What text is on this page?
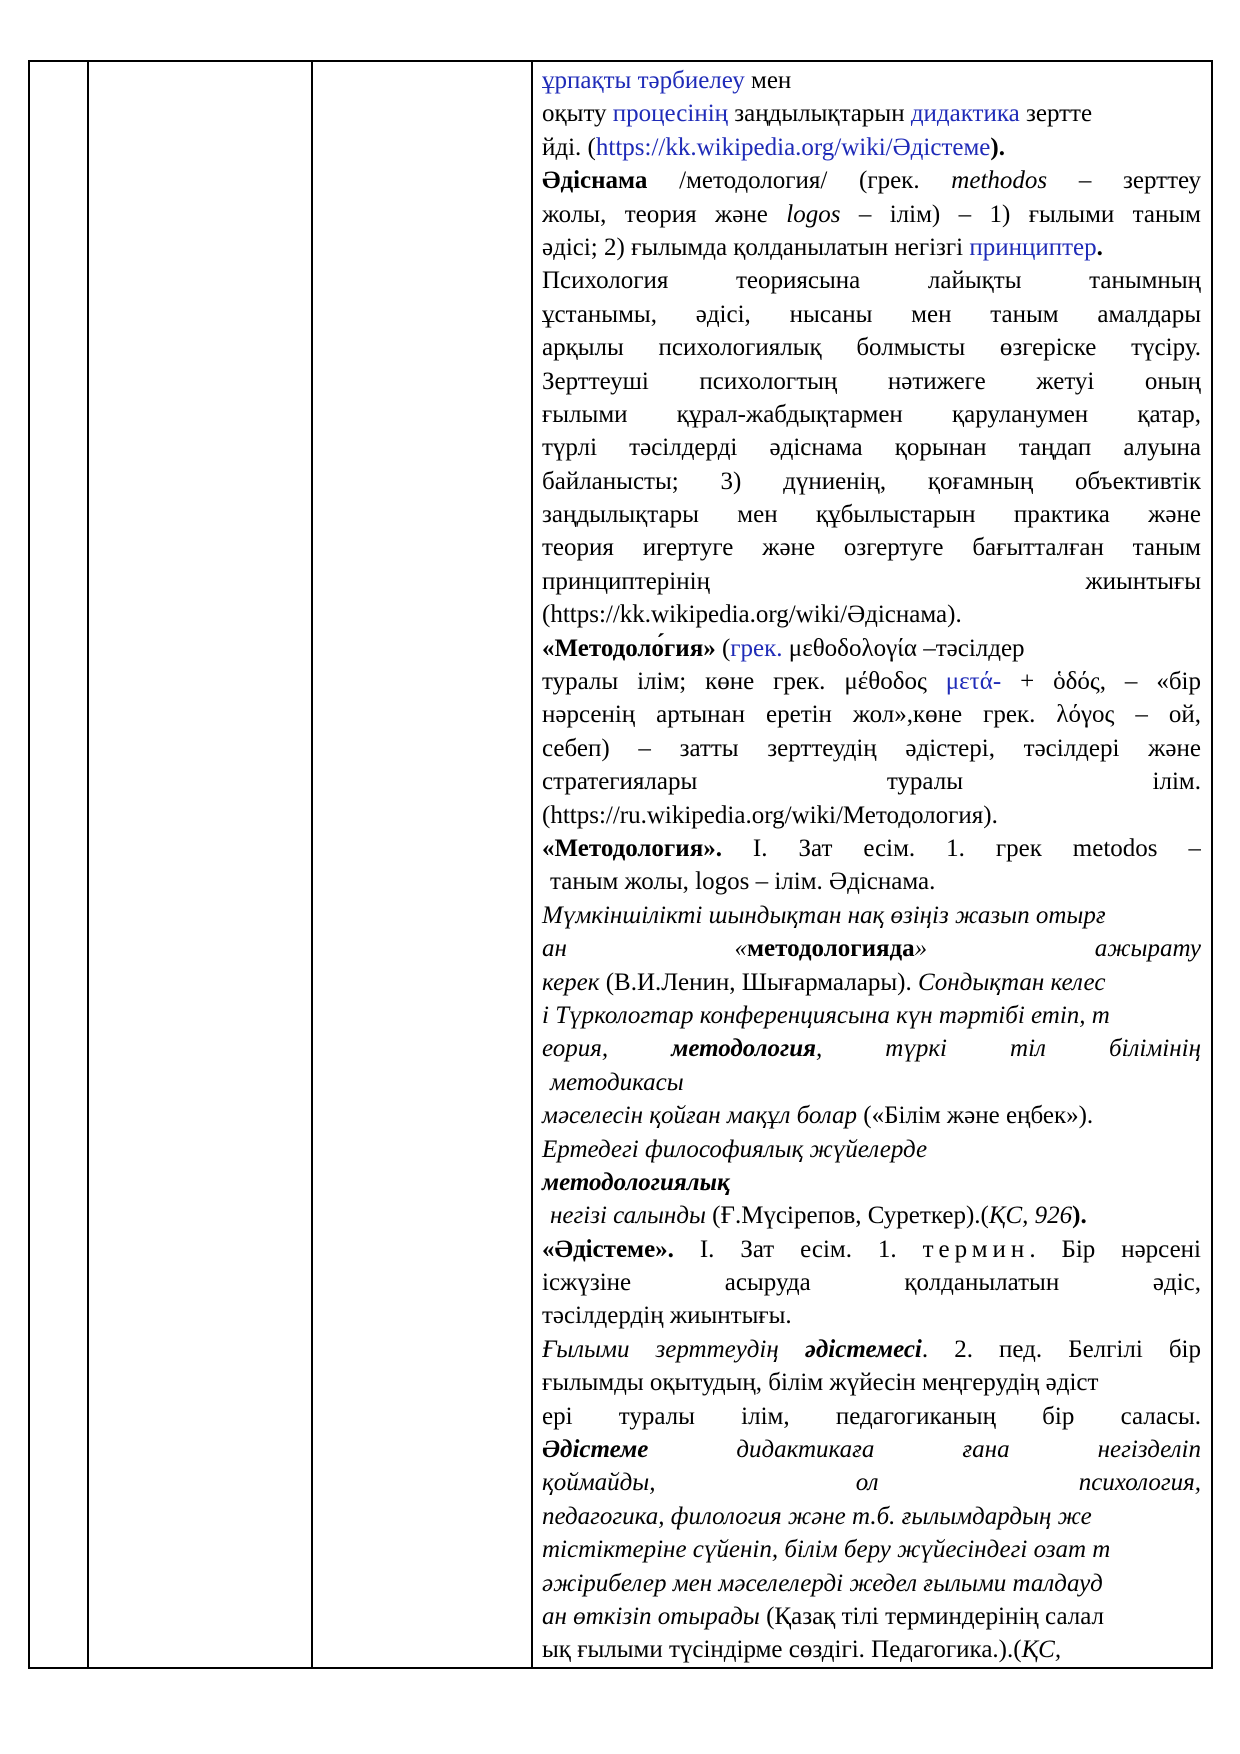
ұрпақты тәрбиелеу мен
оқыту процесінің заңдылықтарын дидактика зертте
йді. (https://kk.wikipedia.org/wiki/Әдістеме).
Әдіснама /методология/ (грек. methodos – зерттеу
жолы, теория және logos – ілім) – 1) ғылыми таным
әдісі; 2) ғылымда қолданылатын негізгі принциптер.
Психология теориясына лайықты танымның
ұстанымы, әдісі, нысаны мен таным амалдары
арқылы психологиялық болмысты өзгеріске түсіру.
Зерттеуші психологтың нәтижеге жетуі оның
ғылыми құрал-жабдықтармен қаруланумен қатар,
түрлі тәсілдерді әдіснама қорынан таңдап алуына
байланысты; 3) дүниенің, қоғамның объективтік
заңдылықтары мен құбылыстарын практика және
теория игертуге және озгертуге бағытталған таным
принциптерінің жиынтығы
(https://kk.wikipedia.org/wiki/Әдіснама).
«Методоло́гия» (грек. μεθοδολογία –тәсілдер
туралы ілім; көне грек. μέθοδος μετά- + ὁδός, – «бір
нәрсенің артынан еретін жол»,көне грек. λόγος – ой,
себеп) – затты зерттеудің әдістері, тәсілдері және
стратегиялары туралы ілім.
(https://ru.wikipedia.org/wiki/Методология).
«Методология». I. Зат есім. 1. грек metodos –
таным жолы, logos – ілім. Әдіснама.
Мүмкіншілікті шындықтан нақ өзіңіз жазып отырғ
ан «методологияда» ажырату
керек (В.И.Ленин, Шығармалары). Сондықтан келес
і Түркологтар конференциясына күн тәртібі етіп, т
еория, методология, түркі тіл білімінің
методикасы
мәселесін қойған мақұл болар («Білім және еңбек»).
Ертедегі философиялық жүйелерде
методологиялық
негізі салынды (Ғ.Мүсірепов, Суреткер).(ҚС, 926).
«Әдістеме». I. Зат есім. 1. термин. Бір нәрсені
ісжүзіне асыруда қолданылатын әдіс,
тәсілдердің жиынтығы.
Ғылыми зерттеудің әдістемесі. 2. пед. Белгілі бір
ғылымды оқытудың, білім жүйесін меңгерудің әдіст
ері туралы ілім, педагогиканың бір саласы.
Әдістеме дидактикаға ғана негізделіп
қоймайды, ол психология,
педагогика, филология және т.б. ғылымдардың же
тістіктеріне сүйеніп, білім беру жүйесіндегі озат т
әжірибелер мен мәселелерді жедел ғылыми талдауд
ан өткізіп отырады (Қазақ тілі терминдерінің салал
ық ғылыми түсіндірме сөздігі. Педагогика.).(ҚС,
